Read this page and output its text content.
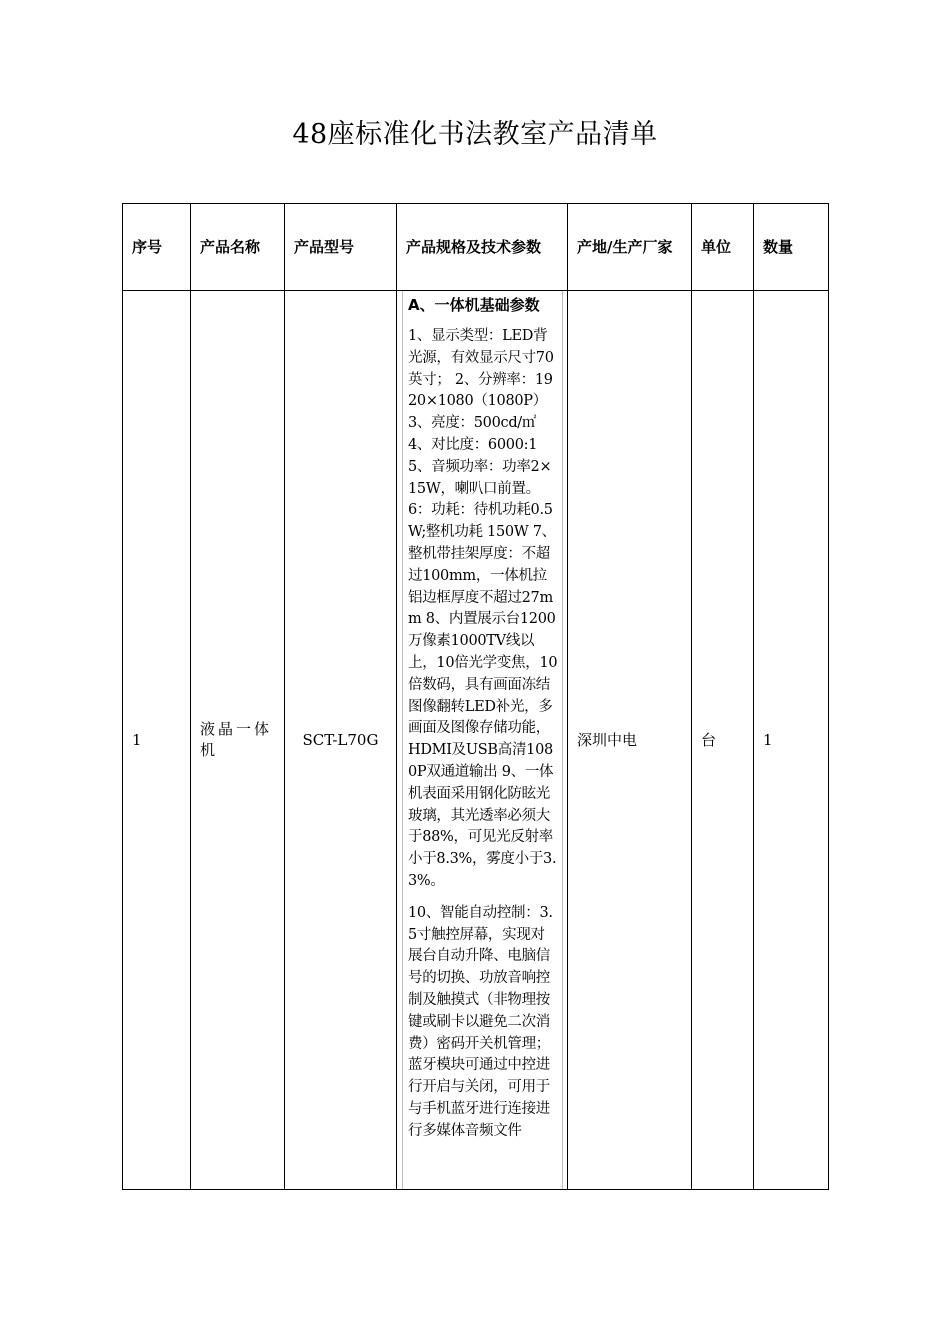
48座标准化书法教室产品清单
序号	产品名称	产品型号	产品规格及技术参数	产地/生产厂家	单位	数量

1	液晶一体机	SCT-L70G	A、一体机基础参数

1、显示类型：LED背光源，有效显示尺寸70英寸； 2、分辨率：1920×1080（1080P） 3、亮度：500cd/㎡ 4、对比度：6000:1 5、音频功率：功率2×15W，喇叭口前置。6：功耗：待机功耗0.5W;整机功耗 150W 7、整机带挂架厚度：不超过100mm，一体机拉铝边框厚度不超过27mm 8、内置展示台1200万像素1000TV线以上，10倍光学变焦，10倍数码，具有画面冻结图像翻转LED补光，多画面及图像存储功能，HDMI及USB高清1080P双通道输出 9、一体机表面采用钢化防眩光玻璃，其光透率必须大于88%，可见光反射率小于8.3%，雾度小于3.3%。

10、智能自动控制：3.5寸触控屏幕，实现对展台自动升降、电脑信号的切换、功放音响控制及触摸式（非物理按键或刷卡以避免二次消费）密码开关机管理；蓝牙模块可通过中控进行开启与关闭，可用于与手机蓝牙进行连接进行多媒体音频文件	深圳中电	台	1
